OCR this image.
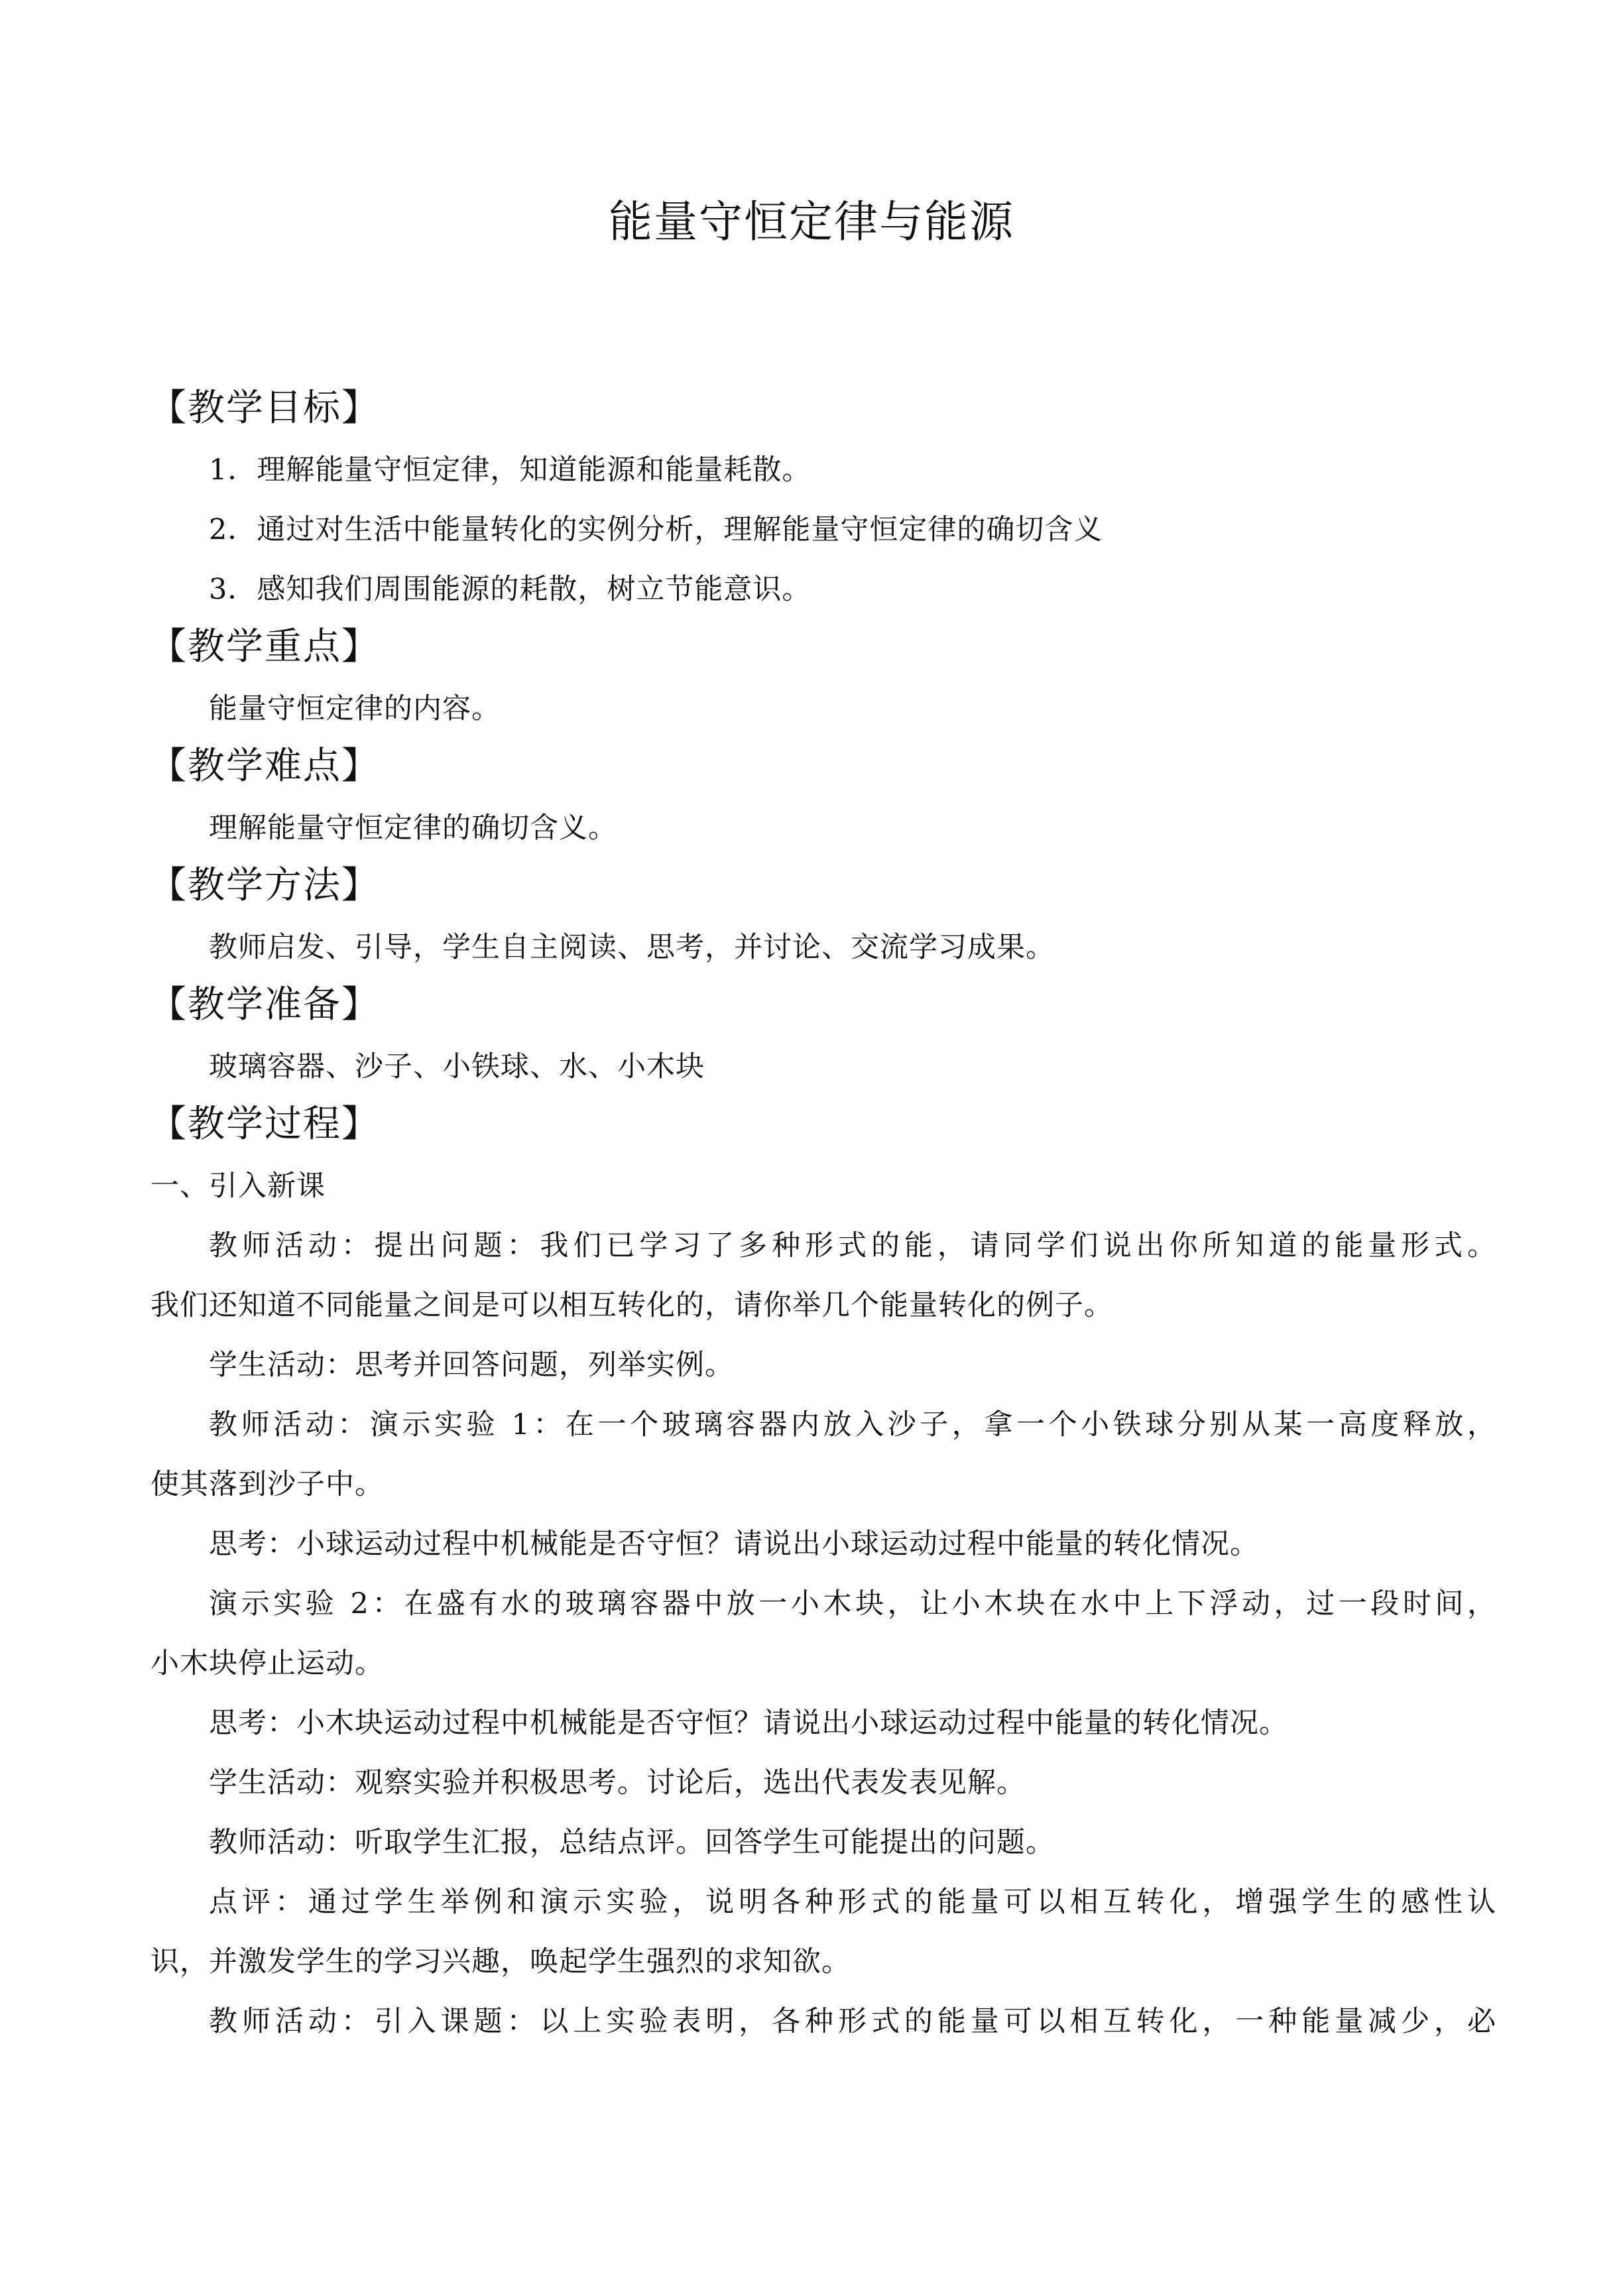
能量守恒定律与能源
【教学目标】
1．理解能量守恒定律，知道能源和能量耗散。
2．通过对生活中能量转化的实例分析，理解能量守恒定律的确切含义
3．感知我们周围能源的耗散，树立节能意识。
【教学重点】
能量守恒定律的内容。
【教学难点】
理解能量守恒定律的确切含义。
【教学方法】
教师启发、引导，学生自主阅读、思考，并讨论、交流学习成果。
【教学准备】
玻璃容器、沙子、小铁球、水、小木块
【教学过程】
一、引入新课
教师活动：提出问题：我们已学习了多种形式的能，请同学们说出你所知道的能量形式。
我们还知道不同能量之间是可以相互转化的，请你举几个能量转化的例子。
学生活动：思考并回答问题，列举实例。
教师活动：演示实验 1：在一个玻璃容器内放入沙子，拿一个小铁球分别从某一高度释放，
使其落到沙子中。
思考：小球运动过程中机械能是否守恒？请说出小球运动过程中能量的转化情况。
演示实验 2：在盛有水的玻璃容器中放一小木块，让小木块在水中上下浮动，过一段时间，
小木块停止运动。
思考：小木块运动过程中机械能是否守恒？请说出小球运动过程中能量的转化情况。
学生活动：观察实验并积极思考。讨论后，选出代表发表见解。
教师活动：听取学生汇报，总结点评。回答学生可能提出的问题。
点评：通过学生举例和演示实验，说明各种形式的能量可以相互转化，增强学生的感性认
识，并激发学生的学习兴趣，唤起学生强烈的求知欲。
教师活动：引入课题：以上实验表明，各种形式的能量可以相互转化，一种能量减少，必
